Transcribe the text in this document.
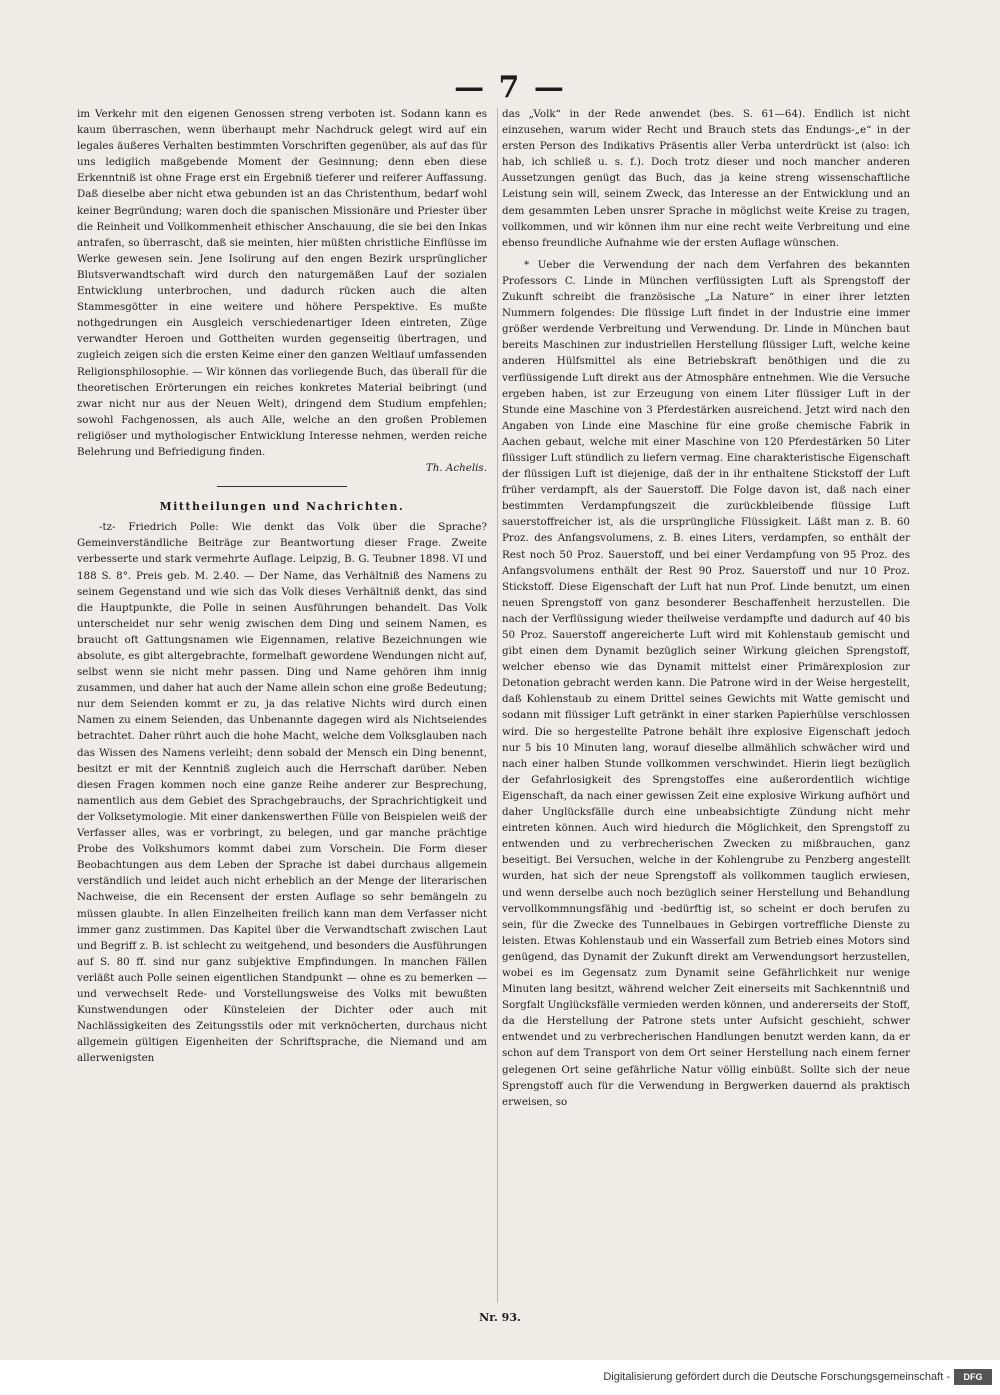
— 7 —

im Verkehr mit den eigenen Genossen streng verboten ist. Sodann kann es kaum überraschen, wenn überhaupt mehr Nachdruck gelegt wird auf ein legales äußeres Verhalten bestimmten Vorschriften gegenüber, als auf das für uns lediglich maßgebende Moment der Gesinnung; denn eben diese Erkenntniß ist ohne Frage erst ein Ergebniß tieferer und reiferer Auffassung. Daß dieselbe aber nicht etwa gebunden ist an das Christenthum, bedarf wohl keiner Begründung; waren doch die spanischen Missionäre und Priester über die Reinheit und Vollkommenheit ethischer Anschauung, die sie bei den Inkas antrafen, so überrascht, daß sie meinten, hier müßten christliche Einflüsse im Werke gewesen sein. Jene Isolirung auf den engen Bezirk ursprünglicher Blutsverwandtschaft wird durch den naturgemäßen Lauf der sozialen Entwicklung unterbrochen, und dadurch rücken auch die alten Stammesgötter in eine weitere und höhere Perspektive. Es mußte nothgedrungen ein Ausgleich verschiedenartiger Ideen eintreten, Züge verwandter Heroen und Gottheiten wurden gegenseitig übertragen, und zugleich zeigen sich die ersten Keime einer den ganzen Weltlauf umfassenden Religionsphilosophie. — Wir können das vorliegende Buch, das überall für die theoretischen Erörterungen ein reiches konkretes Material beibringt (und zwar nicht nur aus der Neuen Welt), dringend dem Studium empfehlen; sowohl Fachgenossen, als auch Alle, welche an den großen Problemen religiöser und mythologischer Entwicklung Interesse nehmen, werden reiche Belehrung und Befriedigung finden.

Th. Achelis.

Mittheilungen und Nachrichten.

-tz- Friedrich Polle: Wie denkt das Volk über die Sprache? Gemeinverständliche Beiträge zur Beantwortung dieser Frage. Zweite verbesserte und stark vermehrte Auflage. Leipzig, B. G. Teubner 1898. VI und 188 S. 8°. Preis geb. M. 2.40. — Der Name, das Verhältniß des Namens zu seinem Gegenstand und wie sich das Volk dieses Verhältniß denkt, das sind die Hauptpunkte, die Polle in seinen Ausführungen behandelt. Das Volk unterscheidet nur sehr wenig zwischen dem Ding und seinem Namen, es braucht oft Gattungsnamen wie Eigennamen, relative Bezeichnungen wie absolute, es gibt altergebrachte, formelhaft gewordene Wendungen nicht auf, selbst wenn sie nicht mehr passen. Ding und Name gehören ihm innig zusammen, und daher hat auch der Name allein schon eine große Bedeutung; nur dem Seienden kommt er zu, ja das relative Nichts wird durch einen Namen zu einem Seienden, das Unbenannte dagegen wird als Nichtseiendes betrachtet. Daher rührt auch die hohe Macht, welche dem Volksglauben nach das Wissen des Namens verleiht; denn sobald der Mensch ein Ding benennt, besitzt er mit der Kenntniß zugleich auch die Herrschaft darüber. Neben diesen Fragen kommen noch eine ganze Reihe anderer zur Besprechung, namentlich aus dem Gebiet des Sprachgebrauchs, der Sprachrichtigkeit und der Volksetymologie. Mit einer dankenswerthen Fülle von Beispielen weiß der Verfasser alles, was er vorbringt, zu belegen, und gar manche prächtige Probe des Volkshumors kommt dabei zum Vorschein. Die Form dieser Beobachtungen aus dem Leben der Sprache ist dabei durchaus allgemein verständlich und leidet auch nicht erheblich an der Menge der literarischen Nachweise, die ein Recensent der ersten Auflage so sehr bemängeln zu müssen glaubte. In allen Einzelheiten freilich kann man dem Verfasser nicht immer ganz zustimmen. Das Kapitel über die Verwandtschaft zwischen Laut und Begriff z. B. ist schlecht zu weitgehend, und besonders die Ausführungen auf S. 80 ff. sind nur ganz subjektive Empfindungen. In manchen Fällen verläßt auch Polle seinen eigentlichen Standpunkt — ohne es zu bemerken — und verwechselt Rede- und Vorstellungsweise des Volks mit bewußten Kunstwendungen oder Künsteleien der Dichter oder auch mit Nachlässigkeiten des Zeitungsstils oder mit verknöcherten, durchaus nicht allgemein gültigen Eigenheiten der Schriftsprache, die Niemand und am allerwenigsten

das „Volk“ in der Rede anwendet (bes. S. 61—64). Endlich ist nicht einzusehen, warum wider Recht und Brauch stets das Endungs-„e“ in der ersten Person des Indikativs Präsentis aller Verba unterdrückt ist (also: ich hab, ich schließ u. s. f.). Doch trotz dieser und noch mancher anderen Aussetzungen genügt das Buch, das ja keine streng wissenschaftliche Leistung sein will, seinem Zweck, das Interesse an der Entwicklung und an dem gesammten Leben unsrer Sprache in möglichst weite Kreise zu tragen, vollkommen, und wir können ihm nur eine recht weite Verbreitung und eine ebenso freundliche Aufnahme wie der ersten Auflage wünschen.

* Ueber die Verwendung der nach dem Verfahren des bekannten Professors C. Linde in München verflüssigten Luft als Sprengstoff der Zukunft schreibt die französische „La Nature“ in einer ihrer letzten Nummern folgendes: Die flüssige Luft findet in der Industrie eine immer größer werdende Verbreitung und Verwendung. Dr. Linde in München baut bereits Maschinen zur industriellen Herstellung flüssiger Luft, welche keine anderen Hülfsmittel als eine Betriebskraft benöthigen und die zu verflüssigende Luft direkt aus der Atmosphäre entnehmen. Wie die Versuche ergeben haben, ist zur Erzeugung von einem Liter flüssiger Luft in der Stunde eine Maschine von 3 Pferdestärken ausreichend. Jetzt wird nach den Angaben von Linde eine Maschine für eine große chemische Fabrik in Aachen gebaut, welche mit einer Maschine von 120 Pferdestärken 50 Liter flüssiger Luft stündlich zu liefern vermag. Eine charakteristische Eigenschaft der flüssigen Luft ist diejenige, daß der in ihr enthaltene Stickstoff der Luft früher verdampft, als der Sauerstoff. Die Folge davon ist, daß nach einer bestimmten Verdampfungszeit die zurückbleibende flüssige Luft sauerstoffreicher ist, als die ursprüngliche Flüssigkeit. Läßt man z. B. 60 Proz. des Anfangsvolumens, z. B. eines Liters, verdampfen, so enthält der Rest noch 50 Proz. Sauerstoff, und bei einer Verdampfung von 95 Proz. des Anfangsvolumens enthält der Rest 90 Proz. Sauerstoff und nur 10 Proz. Stickstoff. Diese Eigenschaft der Luft hat nun Prof. Linde benutzt, um einen neuen Sprengstoff von ganz besonderer Beschaffenheit herzustellen. Die nach der Verflüssigung wieder theilweise verdampfte und dadurch auf 40 bis 50 Proz. Sauerstoff angereicherte Luft wird mit Kohlenstaub gemischt und gibt einen dem Dynamit bezüglich seiner Wirkung gleichen Sprengstoff, welcher ebenso wie das Dynamit mittelst einer Primärexplosion zur Detonation gebracht werden kann. Die Patrone wird in der Weise hergestellt, daß Kohlenstaub zu einem Drittel seines Gewichts mit Watte gemischt und sodann mit flüssiger Luft getränkt in einer starken Papierhülse verschlossen wird. Die so hergestellte Patrone behält ihre explosive Eigenschaft jedoch nur 5 bis 10 Minuten lang, worauf dieselbe allmählich schwächer wird und nach einer halben Stunde vollkommen verschwindet. Hierin liegt bezüglich der Gefahrlosigkeit des Sprengstoffes eine außerordentlich wichtige Eigenschaft, da nach einer gewissen Zeit eine explosive Wirkung aufhört und daher Unglücksfälle durch eine unbeabsichtigte Zündung nicht mehr eintreten können. Auch wird hiedurch die Möglichkeit, den Sprengstoff zu entwenden und zu verbrecherischen Zwecken zu mißbrauchen, ganz beseitigt. Bei Versuchen, welche in der Kohlengrube zu Penzberg angestellt wurden, hat sich der neue Sprengstoff als vollkommen tauglich erwiesen, und wenn derselbe auch noch bezüglich seiner Herstellung und Behandlung vervollkommnungsfähig und -bedürftig ist, so scheint er doch berufen zu sein, für die Zwecke des Tunnelbaues in Gebirgen vortreffliche Dienste zu leisten. Etwas Kohlenstaub und ein Wasserfall zum Betrieb eines Motors sind genügend, das Dynamit der Zukunft direkt am Verwendungsort herzustellen, wobei es im Gegensatz zum Dynamit seine Gefährlichkeit nur wenige Minuten lang besitzt, während welcher Zeit einerseits mit Sachkenntniß und Sorgfalt Unglücksfälle vermieden werden können, und andererseits der Stoff, da die Herstellung der Patrone stets unter Aufsicht geschieht, schwer entwendet und zu verbrecherischen Handlungen benutzt werden kann, da er schon auf dem Transport von dem Ort seiner Herstellung nach einem ferner gelegenen Ort seine gefährliche Natur völlig einbüßt. Sollte sich der neue Sprengstoff auch für die Verwendung in Bergwerken dauernd als praktisch erweisen, so

Nr. 93.
Digitalisierung gefördert durch die Deutsche Forschungsgemeinschaft -	DFG
